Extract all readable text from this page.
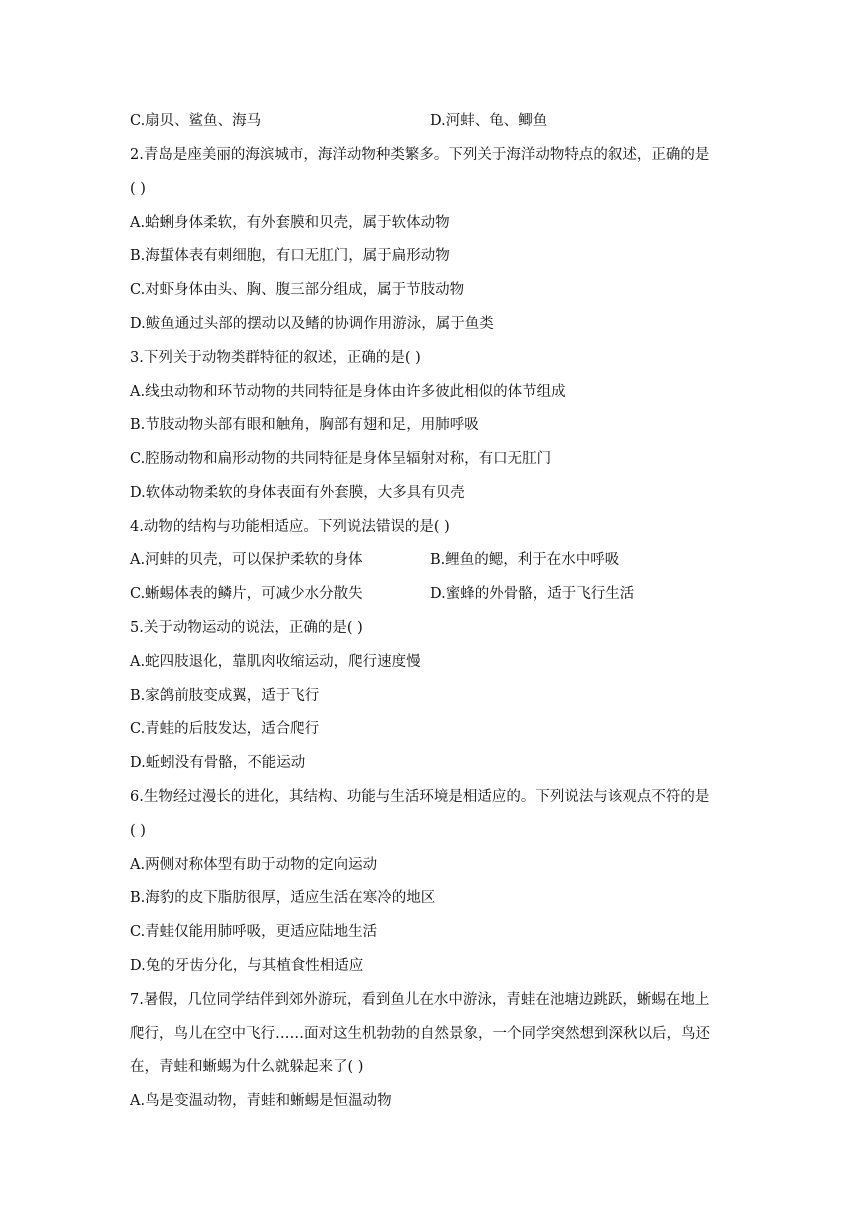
C.扇贝、鲨鱼、海马	D.河蚌、龟、鲫鱼
2.青岛是座美丽的海滨城市，海洋动物种类繁多。下列关于海洋动物特点的叙述，正确的是
( )
A.蛤蜊身体柔软，有外套膜和贝壳，属于软体动物
B.海蜇体表有刺细胞，有口无肛门，属于扁形动物
C.对虾身体由头、胸、腹三部分组成，属于节肢动物
D.鲅鱼通过头部的摆动以及鳍的协调作用游泳，属于鱼类
3.下列关于动物类群特征的叙述，正确的是( )
A.线虫动物和环节动物的共同特征是身体由许多彼此相似的体节组成
B.节肢动物头部有眼和触角，胸部有翅和足，用肺呼吸
C.腔肠动物和扁形动物的共同特征是身体呈辐射对称，有口无肛门
D.软体动物柔软的身体表面有外套膜，大多具有贝壳
4.动物的结构与功能相适应。下列说法错误的是( )
A.河蚌的贝壳，可以保护柔软的身体	B.鲤鱼的鳃，利于在水中呼吸
C.蜥蜴体表的鳞片，可减少水分散失	D.蜜蜂的外骨骼，适于飞行生活
5.关于动物运动的说法，正确的是( )
A.蛇四肢退化，靠肌肉收缩运动，爬行速度慢
B.家鸽前肢变成翼，适于飞行
C.青蛙的后肢发达，适合爬行
D.蚯蚓没有骨骼，不能运动
6.生物经过漫长的进化，其结构、功能与生活环境是相适应的。下列说法与该观点不符的是
( )
A.两侧对称体型有助于动物的定向运动
B.海豹的皮下脂肪很厚，适应生活在寒冷的地区
C.青蛙仅能用肺呼吸，更适应陆地生活
D.兔的牙齿分化，与其植食性相适应
7.暑假，几位同学结伴到郊外游玩，看到鱼儿在水中游泳，青蛙在池塘边跳跃，蜥蜴在地上
爬行，鸟儿在空中飞行……面对这生机勃勃的自然景象，一个同学突然想到深秋以后，鸟还
在，青蛙和蜥蜴为什么就躲起来了( )
A.鸟是变温动物，青蛙和蜥蜴是恒温动物
